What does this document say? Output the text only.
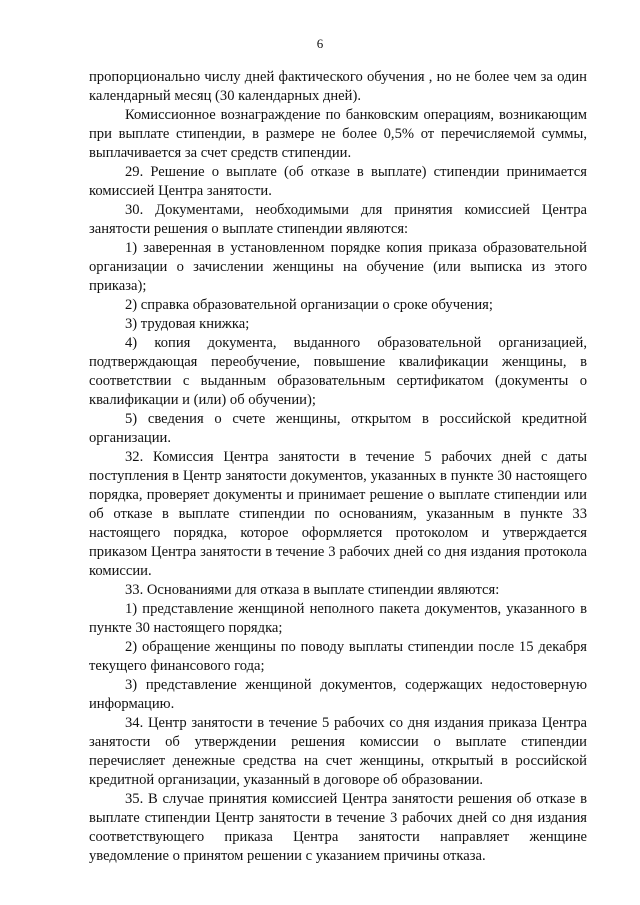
6

пропорционально числу дней фактического обучения , но не более чем за один календарный месяц (30 календарных дней).

Комиссионное вознаграждение по банковским операциям, возникающим при выплате стипендии, в размере не более 0,5% от перечисляемой суммы, выплачивается за счет средств стипендии.

29. Решение о выплате (об отказе в выплате) стипендии принимается комиссией Центра занятости.

30. Документами, необходимыми для принятия комиссией Центра занятости решения о выплате стипендии являются:

1) заверенная в установленном порядке копия приказа образовательной организации о зачислении женщины на обучение (или выписка из этого приказа);

2) справка образовательной организации о сроке обучения;

3) трудовая книжка;

4) копия документа, выданного образовательной организацией, подтверждающая переобучение, повышение квалификации женщины, в соответствии с выданным образовательным сертификатом (документы о квалификации и (или) об обучении);

5) сведения о счете женщины, открытом в российской кредитной организации.

32. Комиссия Центра занятости в течение 5 рабочих дней с даты поступления в Центр занятости документов, указанных в пункте 30 настоящего порядка, проверяет документы и принимает решение о выплате стипендии или об отказе в выплате стипендии по основаниям, указанным в пункте 33 настоящего порядка, которое оформляется протоколом и утверждается приказом Центра занятости в течение 3 рабочих дней со дня издания протокола комиссии.

33. Основаниями для отказа в выплате стипендии являются:

1) представление женщиной неполного пакета документов, указанного в пункте 30 настоящего порядка;

2) обращение женщины по поводу выплаты стипендии после 15 декабря текущего финансового года;

3) представление женщиной документов, содержащих недостоверную информацию.

34. Центр занятости в течение 5 рабочих со дня издания приказа Центра занятости об утверждении решения комиссии о выплате стипендии перечисляет денежные средства на счет женщины, открытый в российской кредитной организации, указанный в договоре об образовании.

35. В случае принятия комиссией Центра занятости решения об отказе в выплате стипендии Центр занятости в течение 3 рабочих дней со дня издания соответствующего приказа Центра занятости направляет женщине уведомление о принятом решении с указанием причины отказа.
